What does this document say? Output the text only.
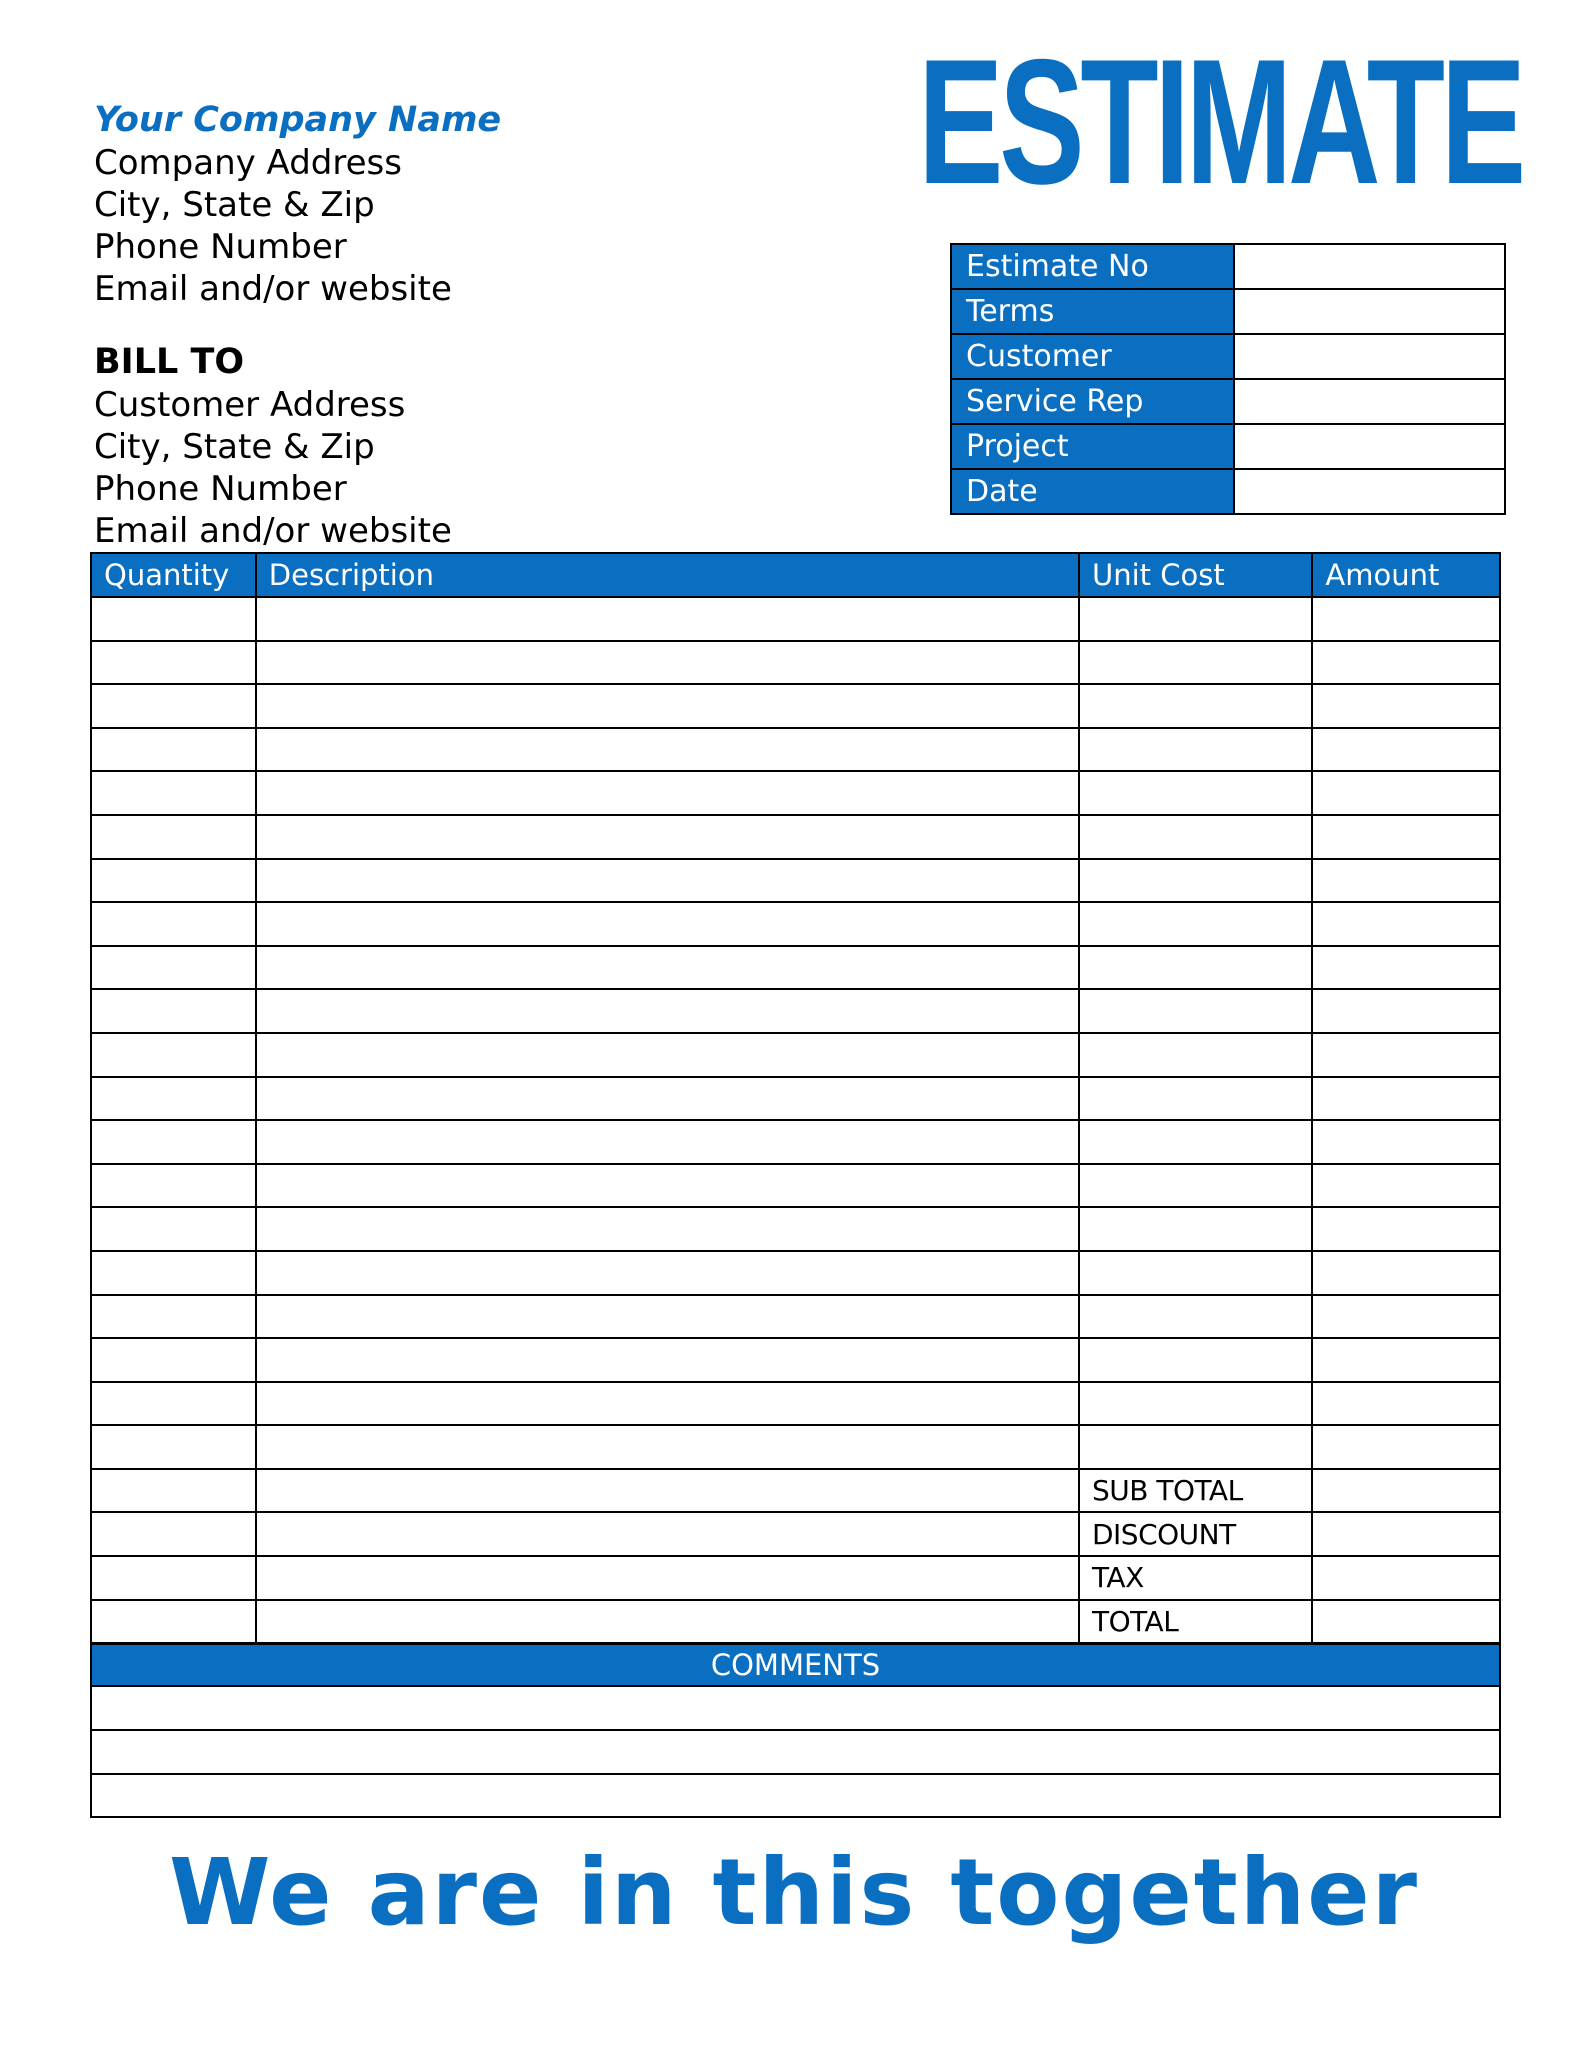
Your Company Name
Company Address
City, State & Zip
Phone Number
Email and/or website
BILL TO
Customer Address
City, State & Zip
Phone Number
Email and/or website
ESTIMATE
Estimate No	
Terms	
Customer	
Service Rep	
Project	
Date	
Quantity	Description	Unit Cost	Amount

		SUB TOTAL	
		DISCOUNT	
		TAX	
		TOTAL	
COMMENTS

We are in this together
